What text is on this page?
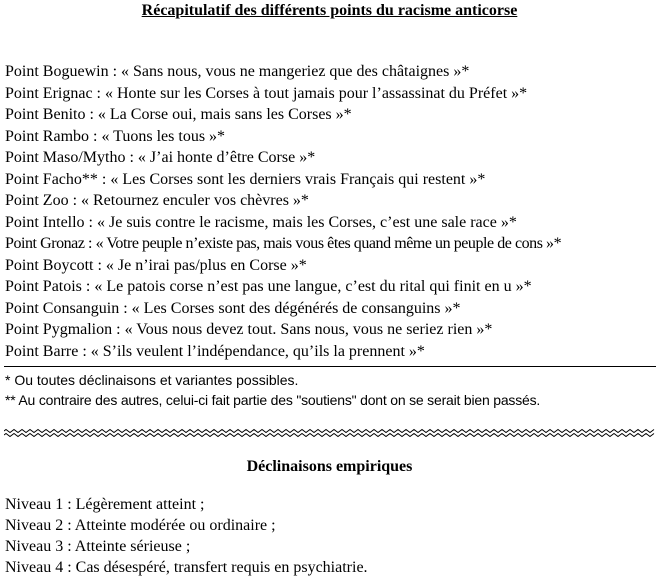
Récapitulatif des différents points du racisme anticorse
Point Boguewin : « Sans nous, vous ne mangeriez que des châtaignes »*
Point Erignac : « Honte sur les Corses à tout jamais pour l’assassinat du Préfet »*
Point Benito : « La Corse oui, mais sans les Corses »*
Point Rambo : « Tuons les tous »*
Point Maso/Mytho : « J’ai honte d’être Corse »*
Point Facho** : « Les Corses sont les derniers vrais Français qui restent »*
Point Zoo : « Retournez enculer vos chèvres »*
Point Intello : « Je suis contre le racisme, mais les Corses, c’est une sale race »*
Point Gronaz : « Votre peuple n’existe pas, mais vous êtes quand même un peuple de cons »*
Point Boycott : « Je n’irai pas/plus en Corse »*
Point Patois : « Le patois corse n’est pas une langue, c’est du rital qui finit en u »*
Point Consanguin : « Les Corses sont des dégénérés de consanguins »*
Point Pygmalion : « Vous nous devez tout. Sans nous, vous ne seriez rien »*
Point Barre : « S’ils veulent l’indépendance, qu’ils la prennent »*
* Ou toutes déclinaisons et variantes possibles.
** Au contraire des autres, celui-ci fait partie des "soutiens" dont on se serait bien passés.
Déclinaisons empiriques
Niveau 1 : Légèrement atteint ;
Niveau 2 : Atteinte modérée ou ordinaire ;
Niveau 3 : Atteinte sérieuse ;
Niveau 4 : Cas désespéré, transfert requis en psychiatrie.
